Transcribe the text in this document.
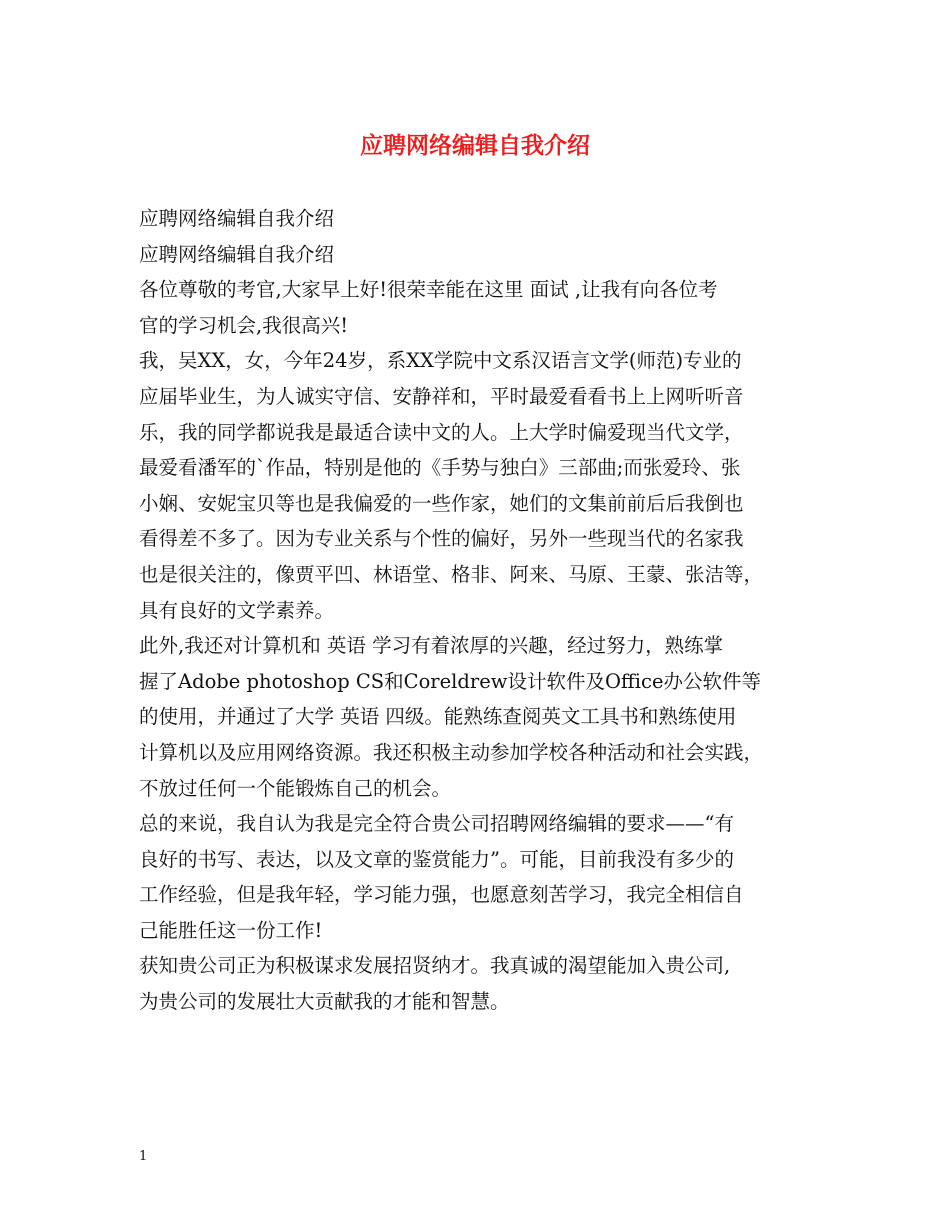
应聘网络编辑自我介绍
应聘网络编辑自我介绍
应聘网络编辑自我介绍
各位尊敬的考官,大家早上好!很荣幸能在这里 面试 ,让我有向各位考
官的学习机会,我很高兴!
我，吴XX，女，今年24岁，系XX学院中文系汉语言文学(师范)专业的
应届毕业生，为人诚实守信、安静祥和，平时最爱看看书上上网听听音
乐，我的同学都说我是最适合读中文的人。上大学时偏爱现当代文学，
最爱看潘军的`作品，特别是他的《手势与独白》三部曲;而张爱玲、张
小娴、安妮宝贝等也是我偏爱的一些作家，她们的文集前前后后我倒也
看得差不多了。因为专业关系与个性的偏好，另外一些现当代的名家我
也是很关注的，像贾平凹、林语堂、格非、阿来、马原、王蒙、张洁等，
具有良好的文学素养。
此外,我还对计算机和 英语 学习有着浓厚的兴趣，经过努力，熟练掌
握了Adobe photoshop CS和Coreldrew设计软件及Office办公软件等
的使用，并通过了大学 英语 四级。能熟练查阅英文工具书和熟练使用
计算机以及应用网络资源。我还积极主动参加学校各种活动和社会实践，
不放过任何一个能锻炼自己的机会。
总的来说，我自认为我是完全符合贵公司招聘网络编辑的要求——“有
良好的书写、表达，以及文章的鉴赏能力”。可能，目前我没有多少的
工作经验，但是我年轻，学习能力强，也愿意刻苦学习，我完全相信自
己能胜任这一份工作!
获知贵公司正为积极谋求发展招贤纳才。我真诚的渴望能加入贵公司,
为贵公司的发展壮大贡献我的才能和智慧。
1
